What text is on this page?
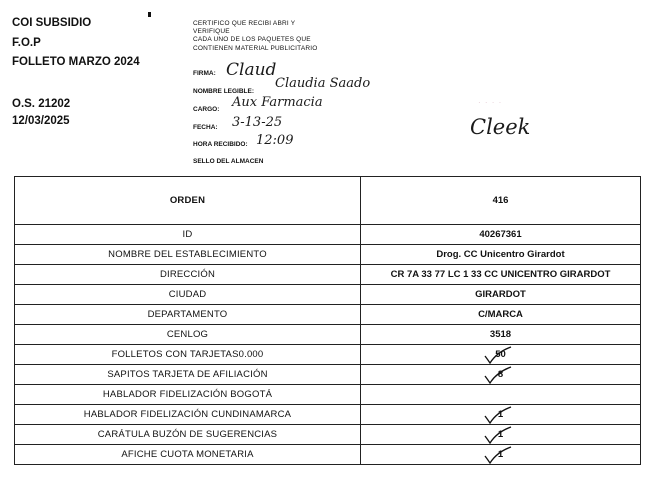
COI SUBSIDIO
F.O.P
FOLLETO MARZO 2024
O.S. 21202
12/03/2025
CERTIFICO QUE RECIBI ABRI Y
VERIFIQUE
CADA UNO DE LOS PAQUETES QUE
CONTIENEN MATERIAL PUBLICITARIO
FIRMA: Claud
NOMBRE LEGIBLE:
Claudia Saado
CARGO: Aux Farmacia
FECHA: 3-13-25
HORA RECIBIDO: 12:09
SELLO DEL ALMACEN
· · · ·
Cleek
ORDEN	416
ID	40267361
NOMBRE DEL ESTABLECIMIENTO	Drog. CC Unicentro Girardot
DIRECCIÓN	CR 7A 33 77 LC 1 33 CC UNICENTRO GIRARDOT
CIUDAD	GIRARDOT
DEPARTAMENTO	C/MARCA
CENLOG	3518
FOLLETOS CON TARJETAS0.000	50

SAPITOS TARJETA DE AFILIACIÓN	8

HABLADOR FIDELIZACIÓN BOGOTÁ	
HABLADOR FIDELIZACIÓN CUNDINAMARCA	1

CARÁTULA BUZÓN DE SUGERENCIAS	1

AFICHE CUOTA MONETARIA	1
